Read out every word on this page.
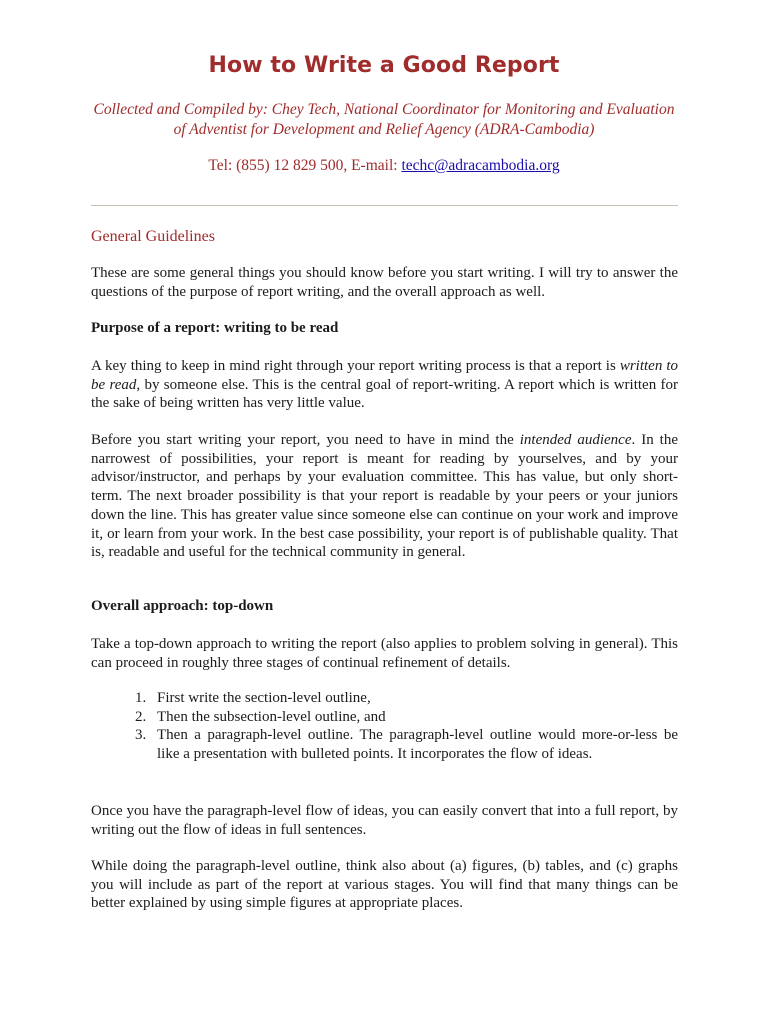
How to Write a Good Report
Collected and Compiled by: Chey Tech, National Coordinator for Monitoring and Evaluation of Adventist for Development and Relief Agency (ADRA-Cambodia)
Tel: (855) 12 829 500, E-mail: techc@adracambodia.org
General Guidelines
These are some general things you should know before you start writing. I will try to answer the questions of the purpose of report writing, and the overall approach as well.
Purpose of a report: writing to be read
A key thing to keep in mind right through your report writing process is that a report is written to be read, by someone else. This is the central goal of report-writing. A report which is written for the sake of being written has very little value.
Before you start writing your report, you need to have in mind the intended audience. In the narrowest of possibilities, your report is meant for reading by yourselves, and by your advisor/instructor, and perhaps by your evaluation committee. This has value, but only short-term. The next broader possibility is that your report is readable by your peers or your juniors down the line. This has greater value since someone else can continue on your work and improve it, or learn from your work. In the best case possibility, your report is of publishable quality. That is, readable and useful for the technical community in general.
Overall approach: top-down
Take a top-down approach to writing the report (also applies to problem solving in general). This can proceed in roughly three stages of continual refinement of details.
1. First write the section-level outline,
2. Then the subsection-level outline, and
3. Then a paragraph-level outline. The paragraph-level outline would more-or-less be like a presentation with bulleted points. It incorporates the flow of ideas.
Once you have the paragraph-level flow of ideas, you can easily convert that into a full report, by writing out the flow of ideas in full sentences.
While doing the paragraph-level outline, think also about (a) figures, (b) tables, and (c) graphs you will include as part of the report at various stages. You will find that many things can be better explained by using simple figures at appropriate places.
